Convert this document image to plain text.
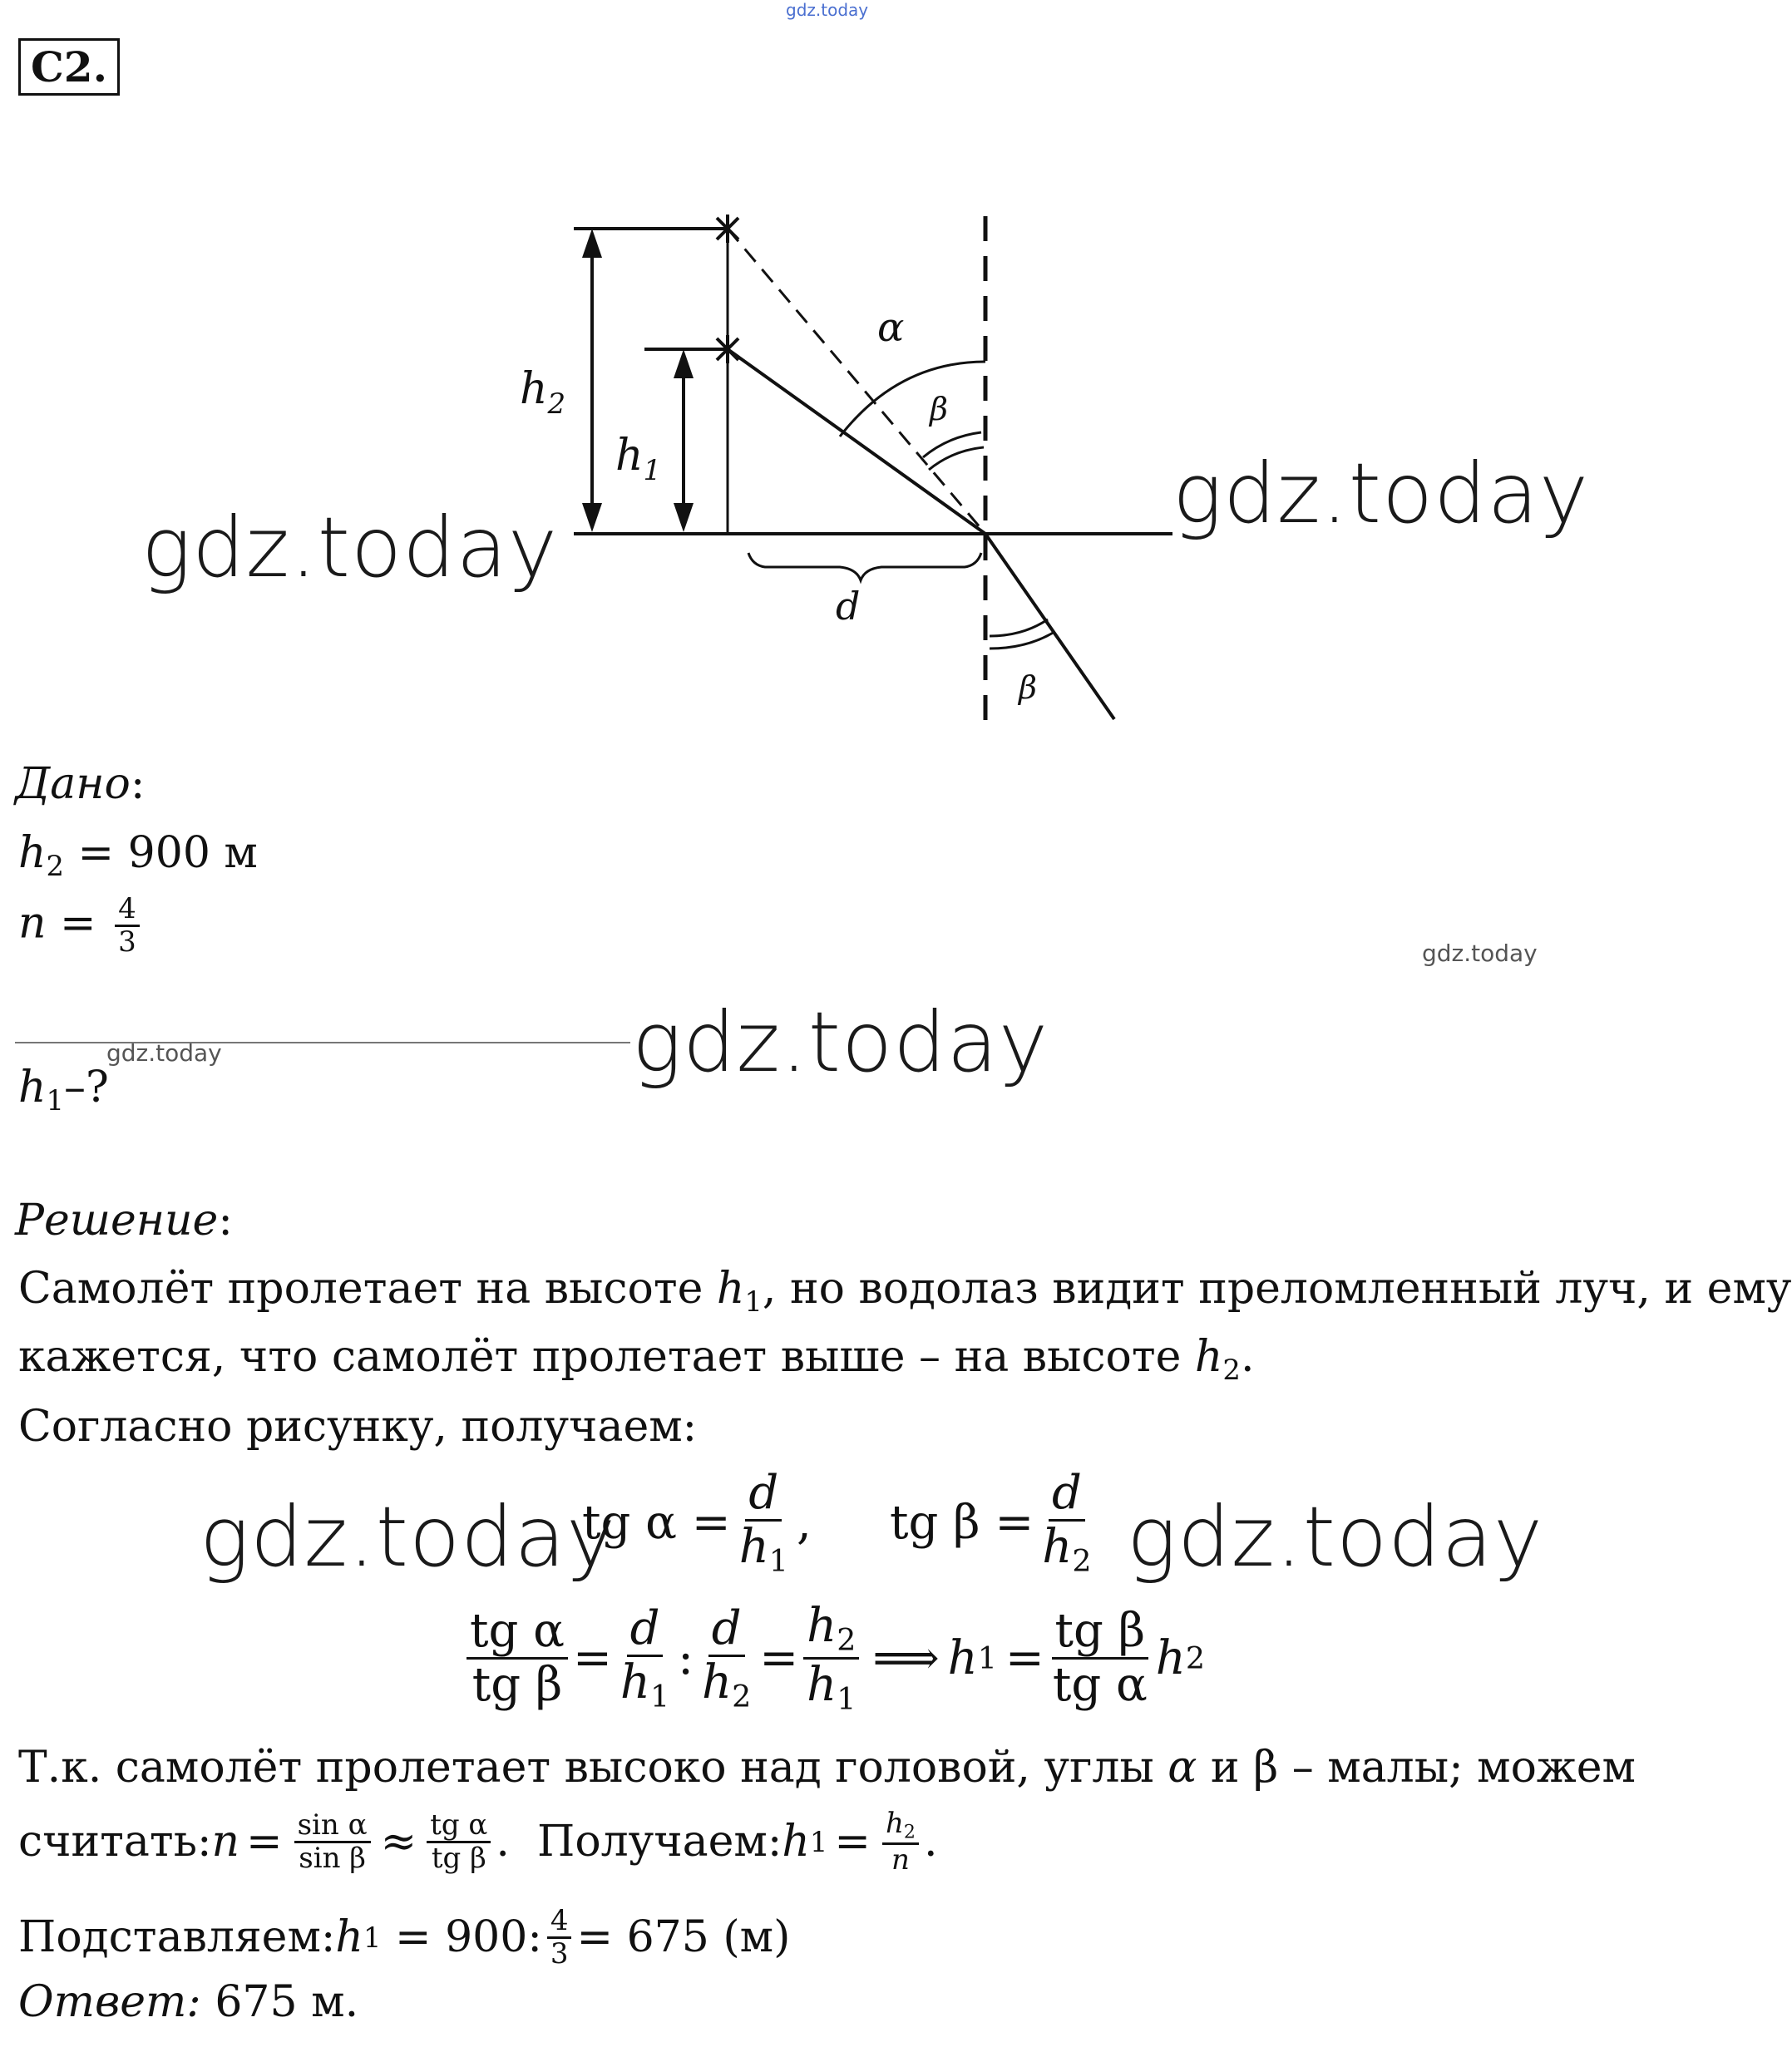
gdz.today
С2.
$h_2$
$h_1$
α
β
d
β
gdz.today
gdz.today
Дано:
$h_2 = 900$ м
$n = \frac{4}{3}$	gdz.today
gdz.today	gdz.today
$h_1-$?
Решение:
Самолёт пролетает на высоте $h_1$, но водолаз видит преломленный луч, и ему
кажется, что самолёт пролетает выше – на высоте $h_2$.
Согласно рисунку, получаем:
gdz.today	gdz.today
tg $\alpha = \frac{d}{h_1}$ , tg $\beta = \frac{d}{h_2}$
$\frac{\text{tg α}}{\text{tg β}} = \frac{d}{h_1}$ : $\frac{d}{h_2} = \frac{h_2}{h_1}$ ⟹ h $1 = \frac{\text{tg β}}{\text{tg α}}$ h 2
Т.к. самолёт пролетает высоко над головой, углы α и β – малы; можем
считать: $n = \frac{\text{sin α}}{\text{sin β}} \approx \frac{\text{tg α}}{\text{tg β}}$ . Получаем: h $1 = \frac{h_2}{n}$ .
Подставляем: h 1
= 900: $\frac{4}{3} = 675$ (м)
Ответ: 675 м.
